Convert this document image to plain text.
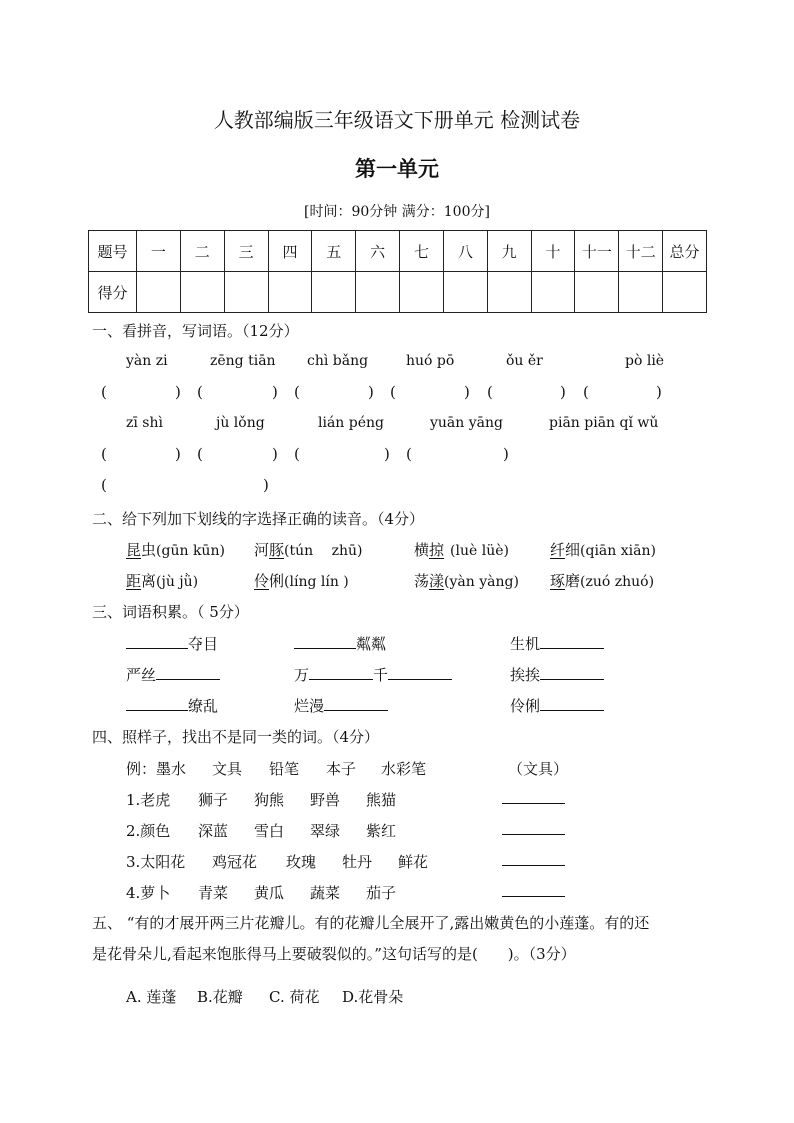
人教部编版三年级语文下册单元 检测试卷
第一单元
[时间：90分钟 满分：100分]
题号	一	二	三	四	五	六	七	八	九	十	十一	十二	总分
得分													
一、看拼音，写词语。（12分）
yàn zi	zēng tiān chì bǎng	huó pō	ǒu ěr	pò liè
(	) (	) (	) (	) (	) (	)
zī shì	jù lǒng	lián péng	yuān yāng	piān piān qǐ wǔ
(	) (	) (	) (	)
(	)
二、给下列加下划线的字选择正确的读音。（4分）
昆虫(gūn kūn) 河豚(tún　 zhū)	横掠 (luè lüè)	纤细(qiān xiān)
距离(jù jǜ)	伶俐(líng lín )	荡漾(yàn yàng) 琢磨(zuó zhuó)
三、词语积累。（ 5分）
夺目	粼粼	生机
严丝	万	千	挨挨
缭乱	烂漫	伶俐
四、照样子，找出不是同一类的词。（4分）
例：墨水 文具 铅笔 本子 水彩笔	（文具）
1.老虎 狮子 狗熊 野兽 熊猫
2.颜色 深蓝 雪白 翠绿 紫红
3.太阳花 鸡冠花 玫瑰 牡丹 鲜花
4.萝卜 青菜 黄瓜 蔬菜 茄子
五、 “有的才展开两三片花瓣儿。有的花瓣儿全展开了,露出嫩黄色的小莲蓬。有的还
是花骨朵儿,看起来饱胀得马上要破裂似的。”这句话写的是(　　)。（3分）
A. 莲蓬 B.花瓣 C. 荷花 D.花骨朵
